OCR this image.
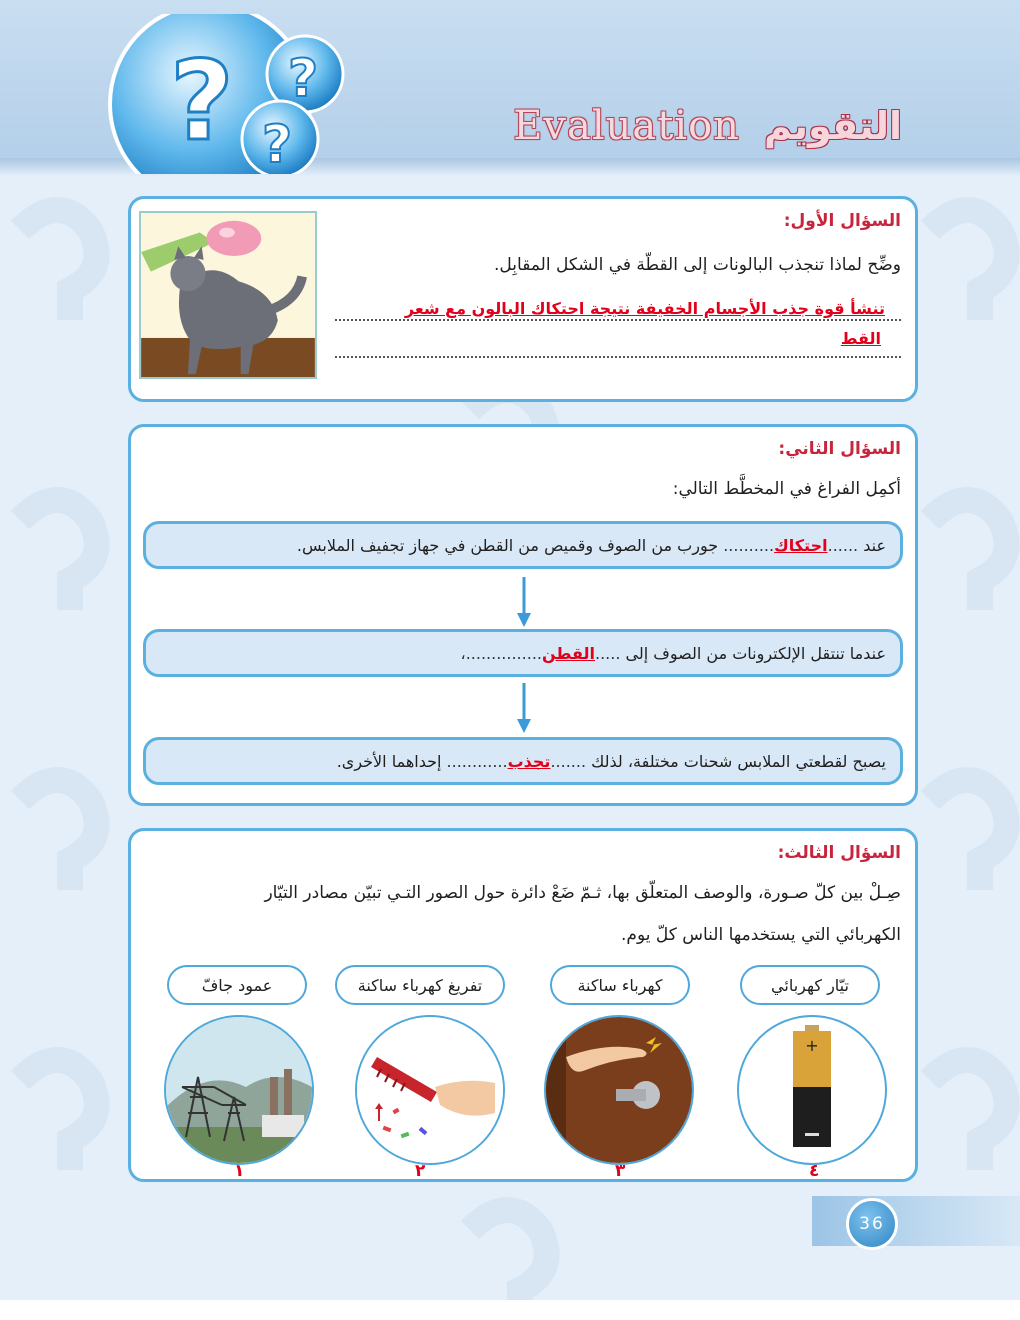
? ?
?	Evaluation التقويم
السؤال الأول:
وضِّح لماذا تنجذب البالونات إلى القطّة في الشكل المقابِل.
تنشأ قوة جذب الأجسام الخفيفة نتيجة احتكاك البالون مع شعر
القط
السؤال الثاني:
أكمِل الفراغ في المخطَّط التالي:
عند

......
احتكاك
..........

جورب من الصوف وقميص من القطن في جهاز تجفيف الملابس.
عندما تنتقل الإلكترونات من الصوف إلى

.....
القطن
...............،
يصبح لقطعتي الملابس شحنات مختلفة، لذلك

.......
تجذب
............

إحداهما الأخرى.
السؤال الثالث:
صِـلْ بين كلّ صـورة، والوصف المتعلّق بها، ثـمّ ضَعْ دائرة حول الصور التـي تبيّن مصادر التيّار
الكهربائي التي يستخدمها الناس كلّ يوم.
تيّار كهربائي
كهرباء ساكنة
تفريغ كهرباء ساكنة
عمود جافّ
+
٤
٣
٢
١
36
